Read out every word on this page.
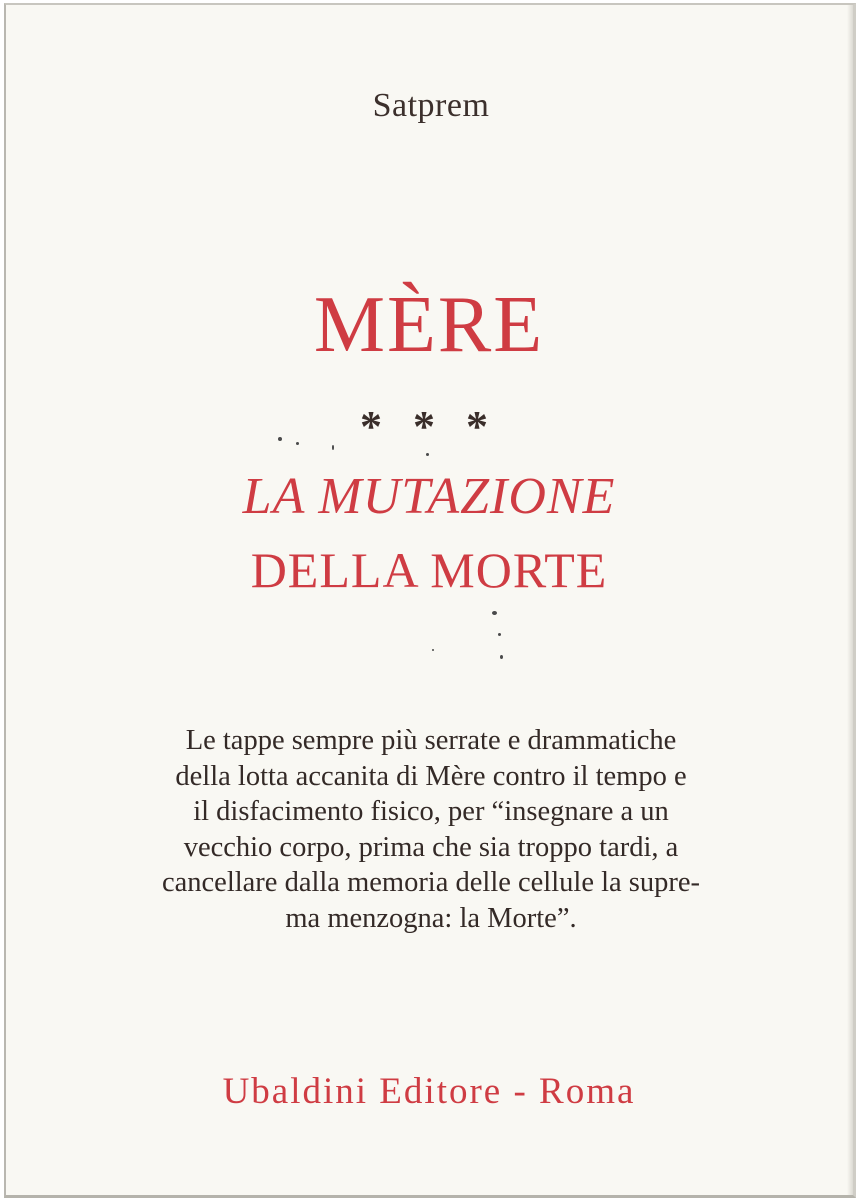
Satprem

MÈRE

* * *

LA MUTAZIONE

DELLA MORTE

Le tappe sempre più serrate e drammatiche
della lotta accanita di Mère contro il tempo e
il disfacimento fisico, per “insegnare a un
vecchio corpo, prima che sia troppo tardi, a
cancellare dalla memoria delle cellule la supre-
ma menzogna: la Morte”.

Ubaldini Editore - Roma
